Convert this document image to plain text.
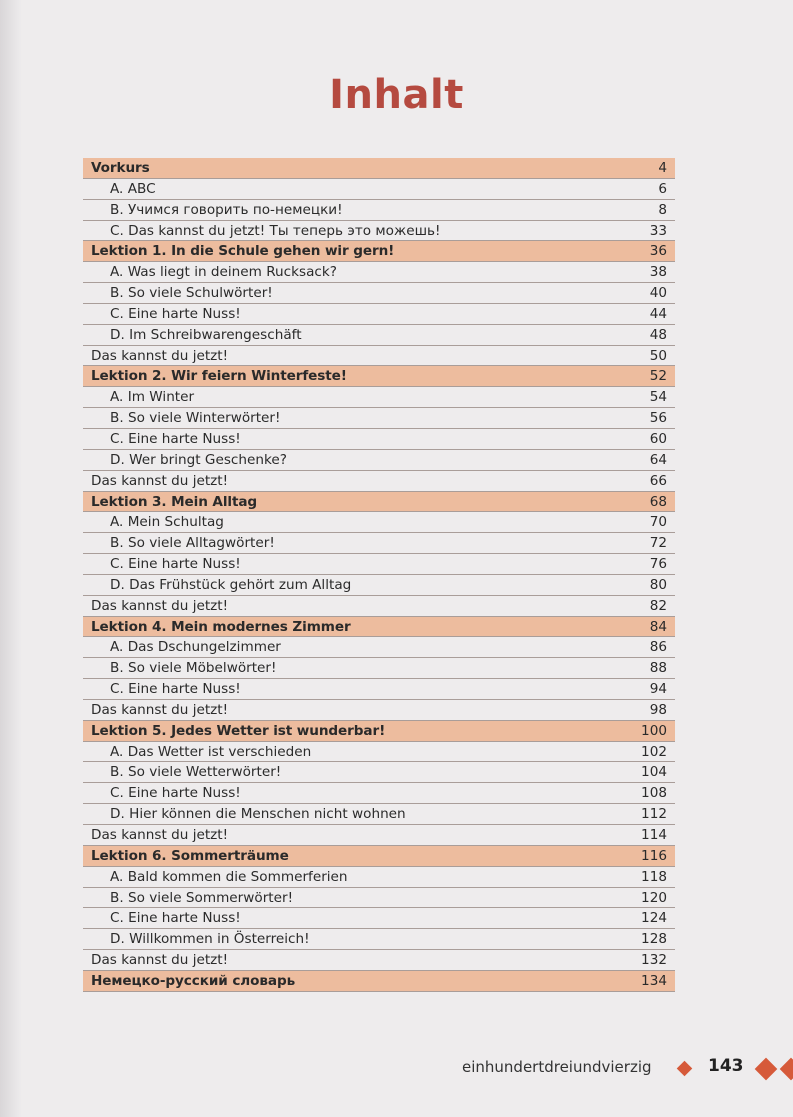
Inhalt
Vorkurs	4
A. ABC	6
B. Учимся говорить по-немецки!	8
C. Das kannst du jetzt! Ты теперь это можешь!	33
Lektion 1. In die Schule gehen wir gern!	36
A. Was liegt in deinem Rucksack?	38
B. So viele Schulwörter!	40
C. Eine harte Nuss!	44
D. Im Schreibwarengeschäft	48
Das kannst du jetzt!	50
Lektion 2. Wir feiern Winterfeste!	52
A. Im Winter	54
B. So viele Winterwörter!	56
C. Eine harte Nuss!	60
D. Wer bringt Geschenke?	64
Das kannst du jetzt!	66
Lektion 3. Mein Alltag	68
A. Mein Schultag	70
B. So viele Alltagwörter!	72
C. Eine harte Nuss!	76
D. Das Frühstück gehört zum Alltag	80
Das kannst du jetzt!	82
Lektion 4. Mein modernes Zimmer	84
A. Das Dschungelzimmer	86
B. So viele Möbelwörter!	88
C. Eine harte Nuss!	94
Das kannst du jetzt!	98
Lektion 5. Jedes Wetter ist wunderbar!	100
A. Das Wetter ist verschieden	102
B. So viele Wetterwörter!	104
C. Eine harte Nuss!	108
D. Hier können die Menschen nicht wohnen	112
Das kannst du jetzt!	114
Lektion 6. Sommerträume	116
A. Bald kommen die Sommerferien	118
B. So viele Sommerwörter!	120
C. Eine harte Nuss!	124
D. Willkommen in Österreich!	128
Das kannst du jetzt!	132
Немецко-русский словарь	134
einhundertdreiundvierzig	143
